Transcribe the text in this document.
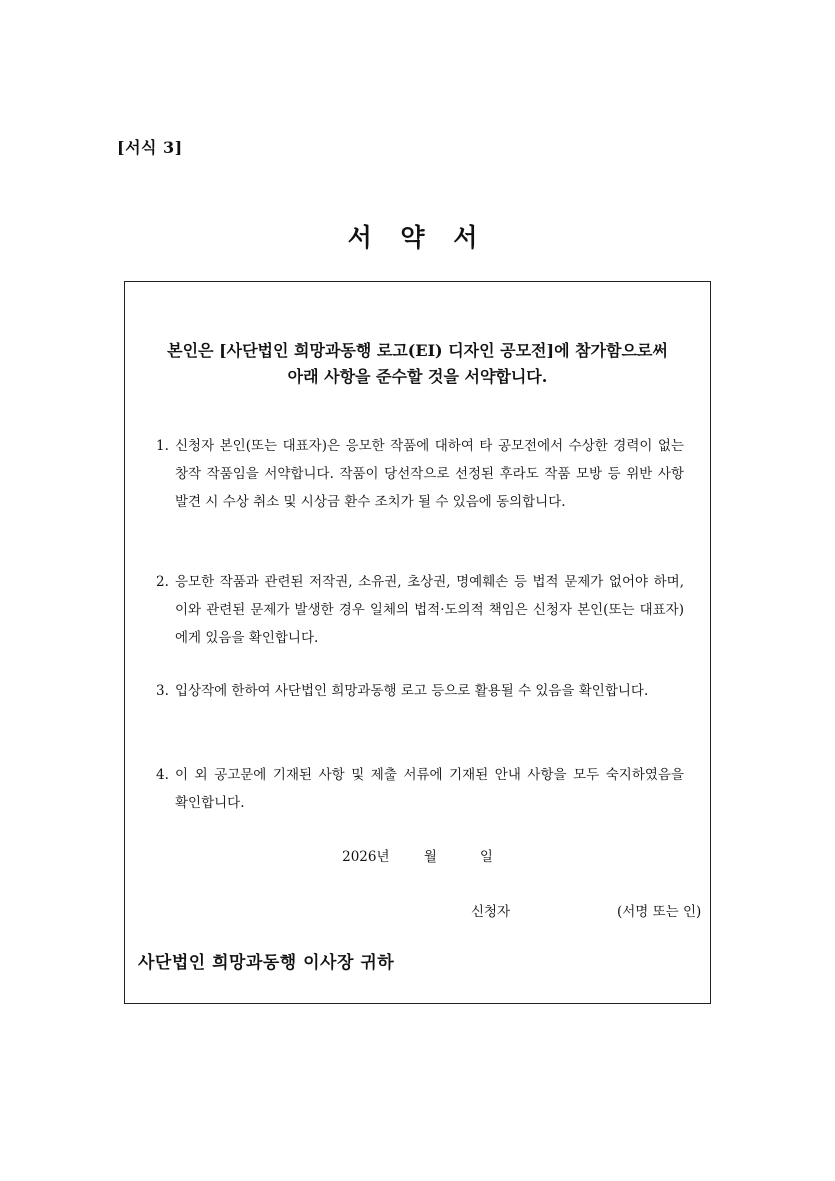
[서식 3]
서 약 서
본인은 [사단법인 희망과동행 로고(EI) 디자인 공모전]에 참가함으로써
아래 사항을 준수할 것을 서약합니다.
1. 신청자 본인(또는 대표자)은 응모한 작품에 대하여 타 공모전에서 수상한 경력이 없는 창작 작품임을 서약합니다. 작품이 당선작으로 선정된 후라도 작품 모방 등 위반 사항 발견 시 수상 취소 및 시상금 환수 조치가 될 수 있음에 동의합니다.
2. 응모한 작품과 관련된 저작권, 소유권, 초상권, 명예훼손 등 법적 문제가 없어야 하며, 이와 관련된 문제가 발생한 경우 일체의 법적·도의적 책임은 신청자 본인(또는 대표자)에게 있음을 확인합니다.
3. 입상작에 한하여 사단법인 희망과동행 로고 등으로 활용될 수 있음을 확인합니다.
4. 이 외 공고문에 기재된 사항 및 제출 서류에 기재된 안내 사항을 모두 숙지하였음을 확인합니다.
2026년	월	일
신청자	(서명 또는 인)
사단법인 희망과동행 이사장 귀하
